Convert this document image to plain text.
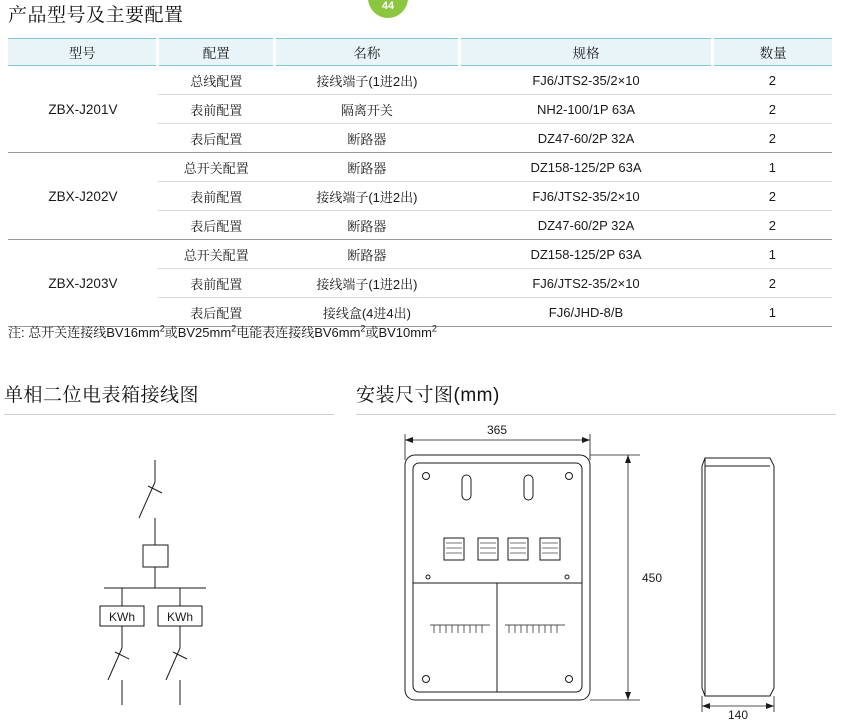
44
产品型号及主要配置
型号	配置	名称	规格	数量
ZBX-J201V	总线配置	接线端子(1进2出)	FJ6/JTS2-35/2×10	2
	表前配置	隔离开关	NH2-100/1P 63A	2
	表后配置	断路器	DZ47-60/2P 32A	2
ZBX-J202V	总开关配置	断路器	DZ158-125/2P 63A	1
	表前配置	接线端子(1进2出)	FJ6/JTS2-35/2×10	2
	表后配置	断路器	DZ47-60/2P 32A	2
ZBX-J203V	总开关配置	断路器	DZ158-125/2P 63A	1
	表前配置	接线端子(1进2出)	FJ6/JTS2-35/2×10	2
	表后配置	接线盒(4进4出)	FJ6/JHD-8/B	1
注: 总开关连接线$BV16mm^2$或$BV25mm^2$电能表连接线$BV6mm^2$或$BV10mm^2$
单相二位电表箱接线图	安装尺寸图(mm)
KWh	KWh
365
450
140
